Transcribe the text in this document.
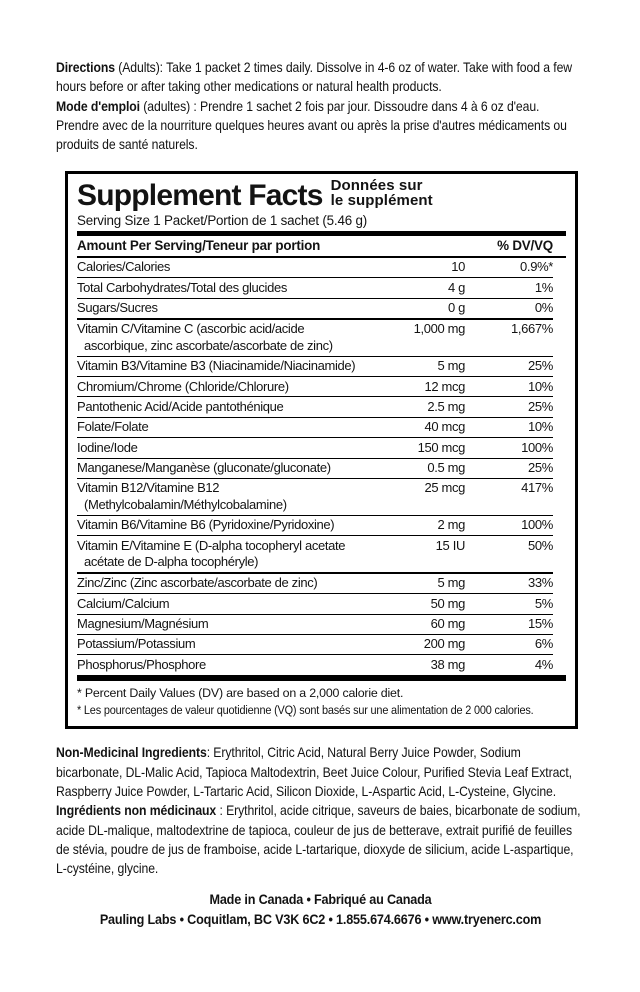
Directions (Adults): Take 1 packet 2 times daily. Dissolve in 4-6 oz of water. Take with food a few hours before or after taking other medications or natural health products.
Mode d'emploi (adultes) : Prendre 1 sachet 2 fois par jour. Dissoudre dans 4 à 6 oz d'eau. Prendre avec de la nourriture quelques heures avant ou après la prise d'autres médicaments ou produits de santé naturels.
Supplement Facts Données sur
le supplément
Serving Size 1 Packet/Portion de 1 sachet (5.46 g)
Amount Per Serving/Teneur par portion	% DV/VQ
Calories/Calories	10	0.9%*
Total Carbohydrates/Total des glucides	4 g	1%
Sugars/Sucres	0 g	0%
Vitamin C/Vitamine C (ascorbic acid/acide
ascorbique, zinc ascorbate/ascorbate de zinc)
1,000 mg	1,667%
Vitamin B3/Vitamine B3 (Niacinamide/Niacinamide)	5 mg	25%
Chromium/Chrome (Chloride/Chlorure)	12 mcg	10%
Pantothenic Acid/Acide pantothénique	2.5 mg	25%
Folate/Folate	40 mcg	10%
Iodine/Iode	150 mcg	100%
Manganese/Manganèse (gluconate/gluconate)	0.5 mg	25%
Vitamin B12/Vitamine B12
(Methylcobalamin/Méthylcobalamine)
25 mcg	417%
Vitamin B6/Vitamine B6 (Pyridoxine/Pyridoxine)	2 mg	100%
Vitamin E/Vitamine E (D-alpha tocopheryl acetate
acétate de D-alpha tocophéryle)
15 IU	50%
Zinc/Zinc (Zinc ascorbate/ascorbate de zinc)	5 mg	33%
Calcium/Calcium	50 mg	5%
Magnesium/Magnésium	60 mg	15%
Potassium/Potassium	200 mg	6%
Phosphorus/Phosphore	38 mg	4%
* Percent Daily Values (DV) are based on a 2,000 calorie diet.
* Les pourcentages de valeur quotidienne (VQ) sont basés sur une alimentation de 2 000 calories.
Non-Medicinal Ingredients: Erythritol, Citric Acid, Natural Berry Juice Powder, Sodium bicarbonate, DL-Malic Acid, Tapioca Maltodextrin, Beet Juice Colour, Purified Stevia Leaf Extract, Raspberry Juice Powder, L-Tartaric Acid, Silicon Dioxide, L-Aspartic Acid, L-Cysteine, Glycine.
Ingrédients non médicinaux : Erythritol, acide citrique, saveurs de baies, bicarbonate de sodium, acide DL-malique, maltodextrine de tapioca, couleur de jus de betterave, extrait purifié de feuilles de stévia, poudre de jus de framboise, acide L-tartarique, dioxyde de silicium, acide L-aspartique, L-cystéine, glycine.
Made in Canada • Fabriqué au Canada
Pauling Labs • Coquitlam, BC V3K 6C2 • 1.855.674.6676 • www.tryenerc.com
